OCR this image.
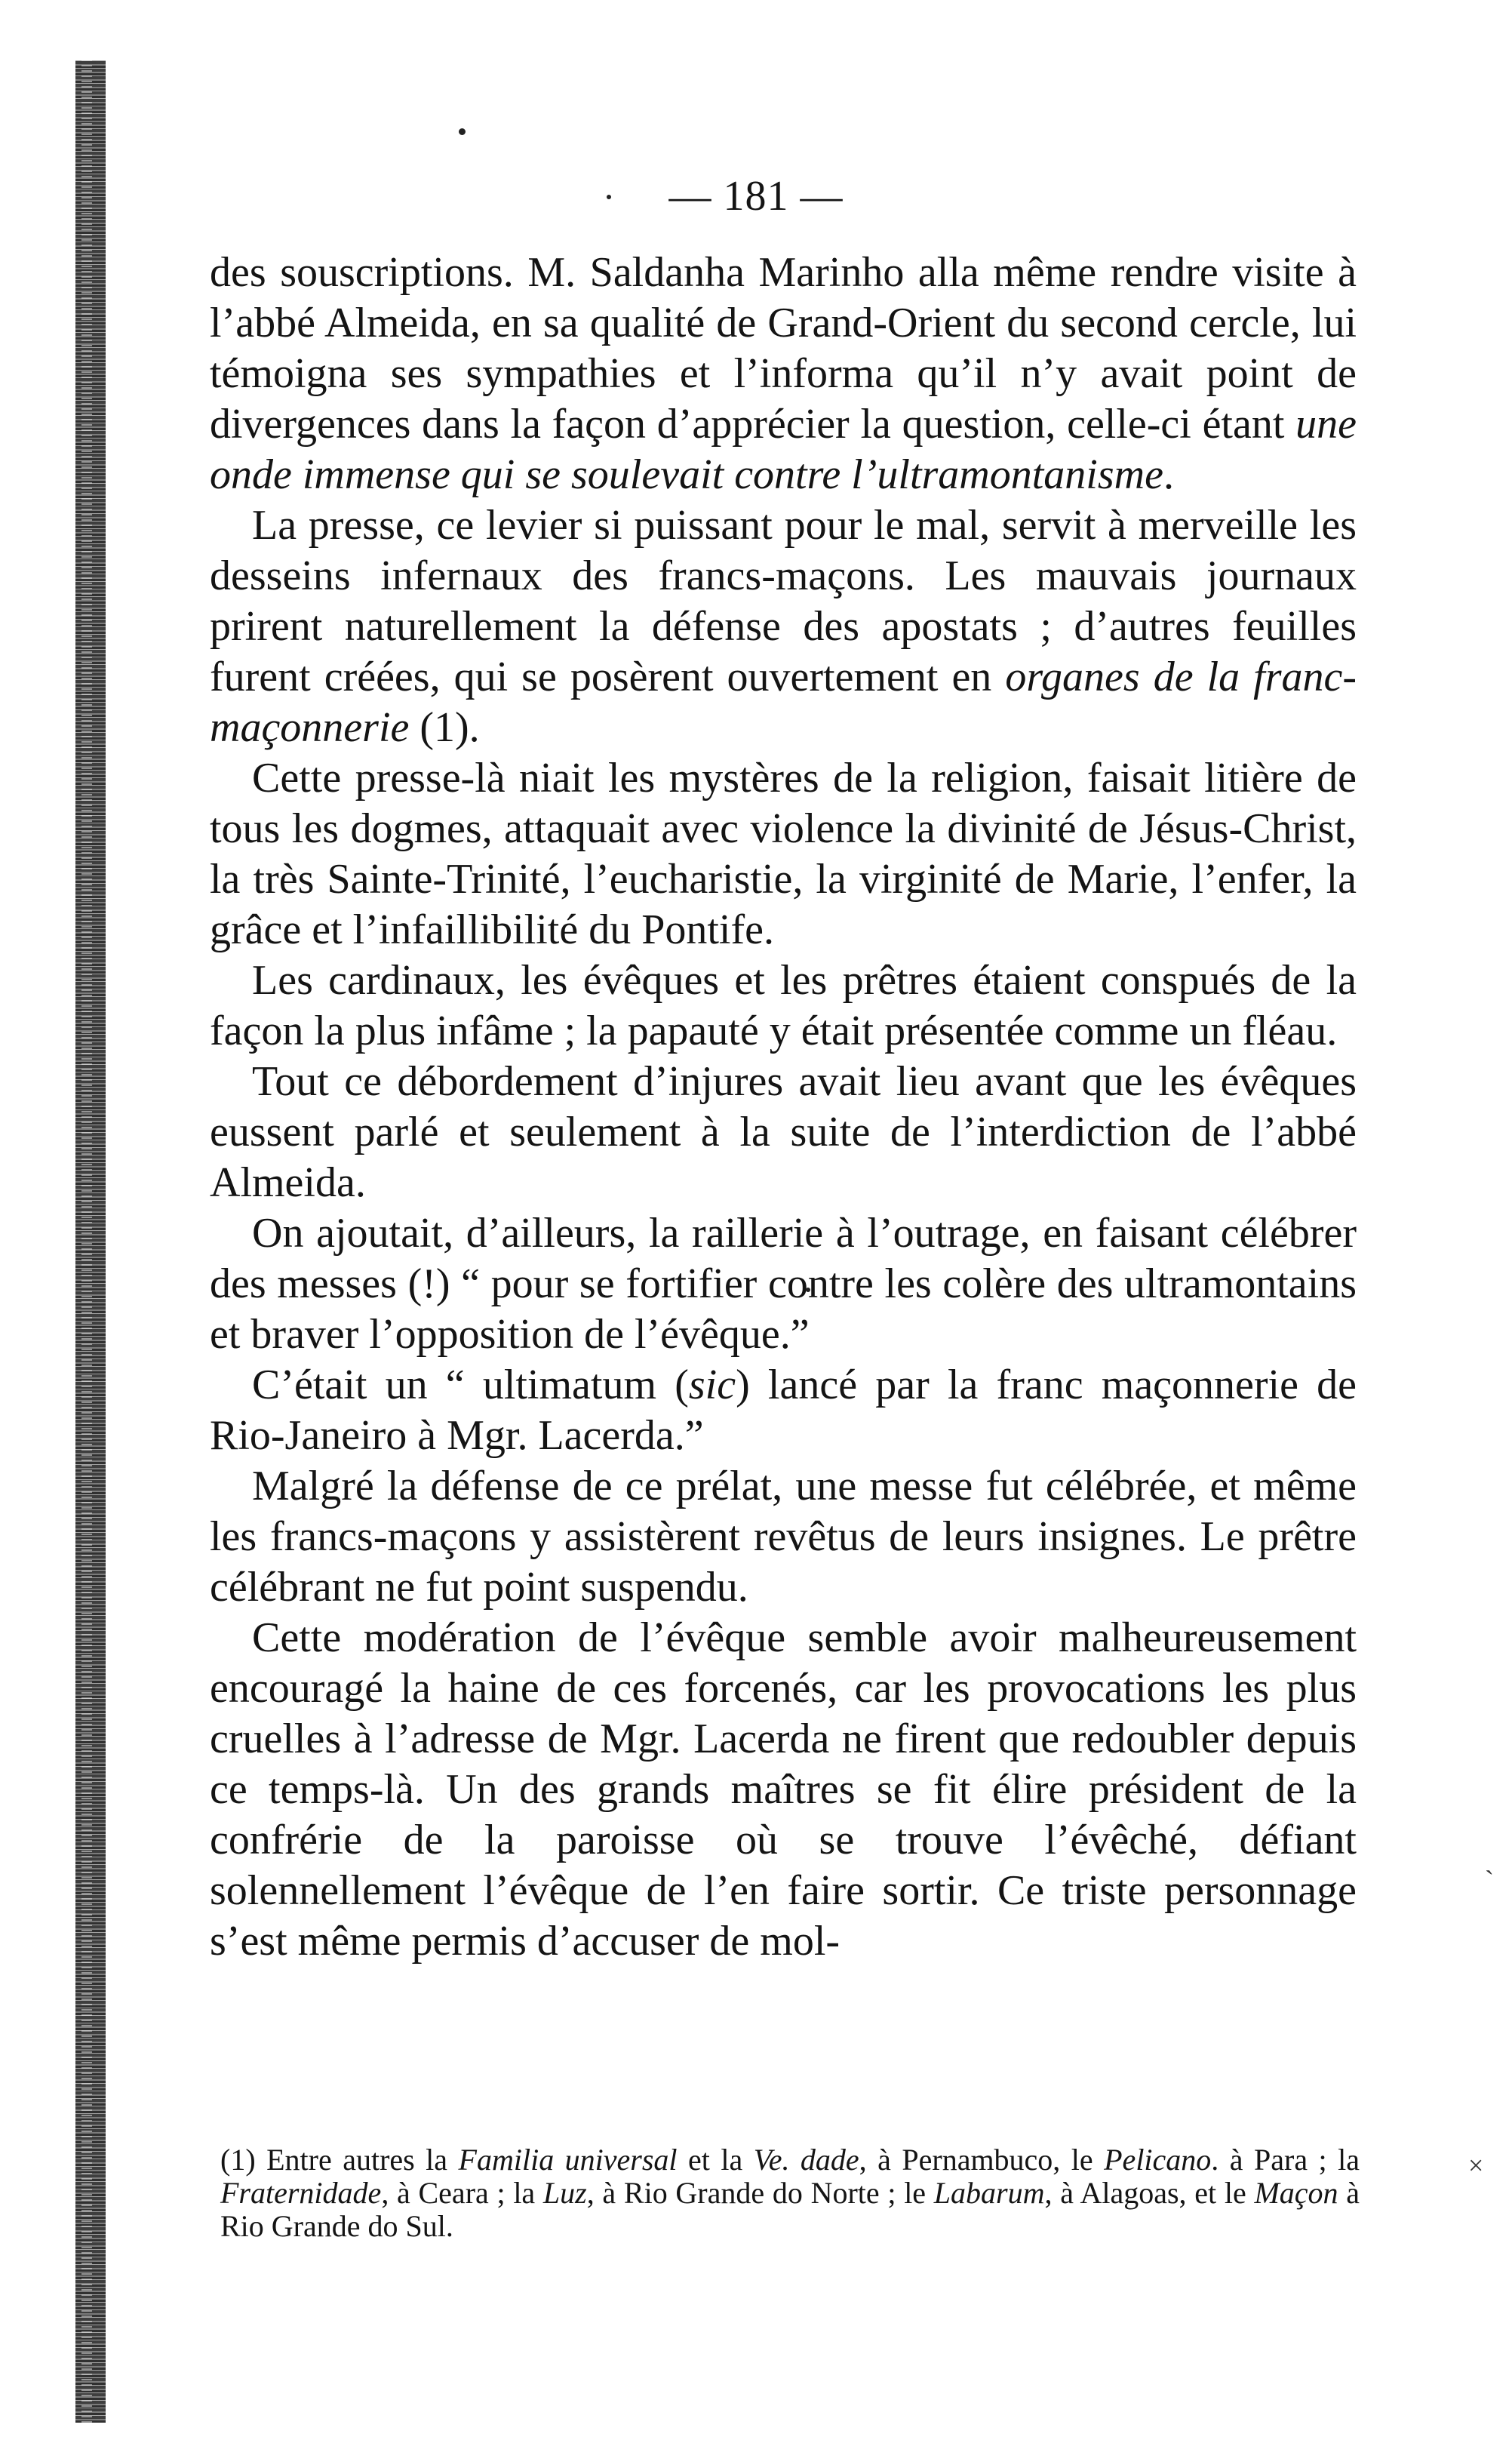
ˋ
×
— 181 —

des souscriptions. M. Saldanha Marinho alla même rendre visite à l’abbé Almeida, en sa qualité de Grand-Orient du second cercle, lui témoigna ses sympathies et l’informa qu’il n’y avait point de divergences dans la façon d’apprécier la question, celle-ci étant une onde immense qui se soulevait contre l’ultramontanisme.

La presse, ce levier si puissant pour le mal, servit à merveille les desseins infernaux des francs-maçons. Les mauvais journaux prirent naturellement la défense des apostats ; d’autres feuilles furent créées, qui se posèrent ouvertement en organes de la franc-maçonnerie (1).

Cette presse-là niait les mystères de la religion, faisait litière de tous les dogmes, attaquait avec violence la divinité de Jésus-Christ, la très Sainte-Trinité, l’eucharistie, la virginité de Marie, l’enfer, la grâce et l’infaillibilité du Pontife.

Les cardinaux, les évêques et les prêtres étaient conspués de la façon la plus infâme ; la papauté y était présentée comme un fléau.

Tout ce débordement d’injures avait lieu avant que les évêques eussent parlé et seulement à la suite de l’interdiction de l’abbé Almeida.

On ajoutait, d’ailleurs, la raillerie à l’outrage, en faisant célébrer des messes (!) “ pour se fortifier contre les colère des ultramontains et braver l’opposition de l’évêque.”

C’était un “ ultimatum (sic) lancé par la franc maçonnerie de Rio-Janeiro à Mgr. Lacerda.”

Malgré la défense de ce prélat, une messe fut célébrée, et même les francs-maçons y assistèrent revêtus de leurs insignes. Le prêtre célébrant ne fut point suspendu.

Cette modération de l’évêque semble avoir malheureusement encouragé la haine de ces forcenés, car les provocations les plus cruelles à l’adresse de Mgr. Lacerda ne firent que redoubler depuis ce temps-là. Un des grands maîtres se fit élire président de la confrérie de la paroisse où se trouve l’évêché, défiant solennellement l’évêque de l’en faire sortir. Ce triste personnage s’est même permis d’accuser de mol-

(1) Entre autres la Familia universal et la Ve. dade, à Pernambuco, le Pelicano. à Para ; la Fraternidade, à Ceara ; la Luz, à Rio Grande do Norte ; le Labarum, à Alagoas, et le Maçon à Rio Grande do Sul.
